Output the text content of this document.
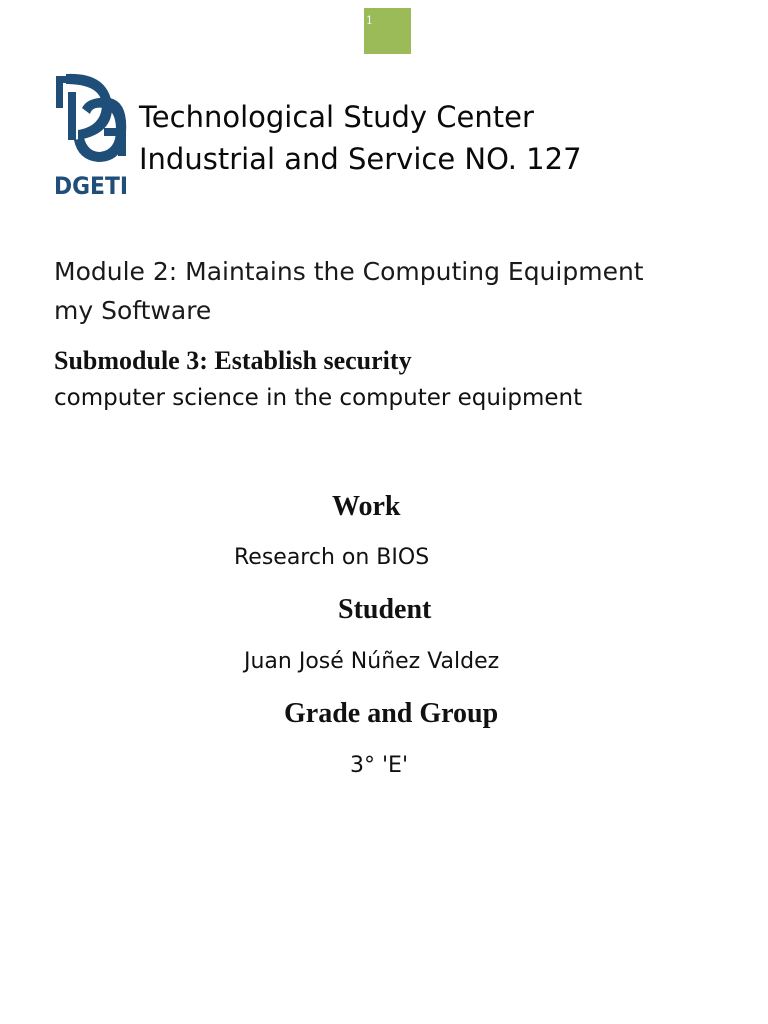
1
DGETI
Technological Study Center
Industrial and Service NO. 127
Module 2: Maintains the Computing Equipment
my Software
Submodule 3: Establish security
computer science in the computer equipment
Work
Research on BIOS
Student
Juan José Núñez Valdez
Grade and Group
3° 'E'
